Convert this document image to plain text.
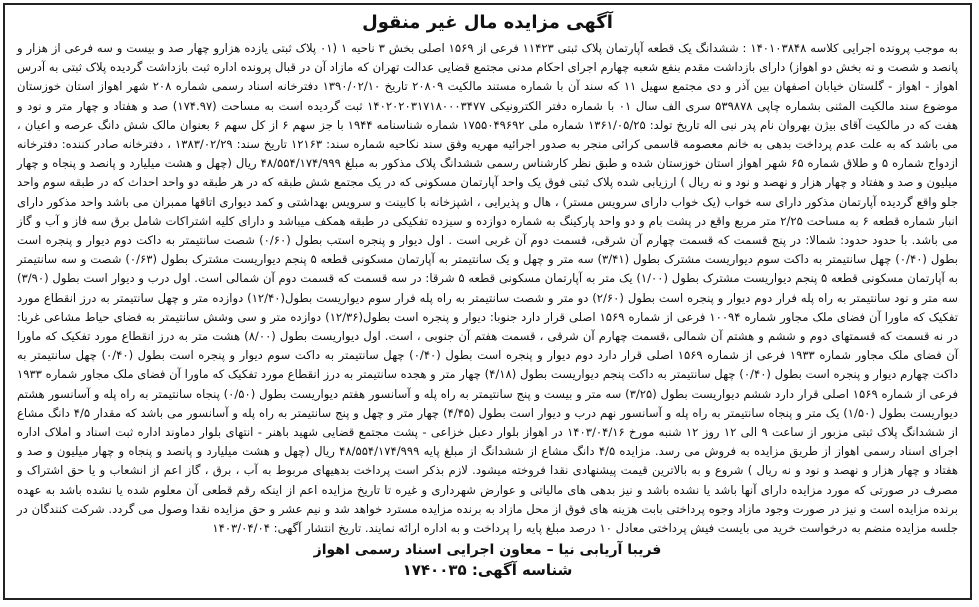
آگهی مزایده مال غیر منقول

به موجب پرونده اجرایی کلاسه ۱۴۰۱۰۳۸۴۸ : ششدانگ یک قطعه آپارتمان پلاک ثبتی ۱۱۴۲۳ فرعی از ۱۵۶۹ اصلی بخش ۳ ناحیه ۱ (۰۱ پلاک ثبتی یازده هزارو چهار صد و بیست و سه فرعی از هزار و پانصد و شصت و نه بخش دو اهواز) دارای بازداشت مقدم بنفع شعبه چهارم اجرای احکام مدنی مجتمع قضایی عدالت تهران که مازاد آن در قبال پرونده اداره ثبت بازداشت گردیده پلاک ثبتی به آدرس اهواز - اهواز - گلستان خیابان اصفهان بین آذر و دی مجتمع سهیل ۱۱ که سند آن با شماره مستند مالکیت ۲۰۸۰۹ تاریخ ۱۳۹۰/۰۲/۱۰ دفترخانه اسناد رسمی شماره ۲۰۸ شهر اهواز استان خوزستان موضوع سند مالکیت المثنی بشماره چاپی ۵۳۹۸۷۸ سری الف سال ۰۱ با شماره دفتر الکترونیکی ۱۴۰۲۰۲۰۳۱۷۱۸۰۰۰۳۴۷۷ ثبت گردیده است به مساحت (۱۷۴.۹۷) صد و هفتاد و چهار متر و نود و هفت که در مالکیت آقای بیژن بهروان نام پدر نبی اله تاریخ تولد: ۱۳۶۱/۰۵/۲۵ شماره ملی ۱۷۵۵۰۴۹۶۹۲ شماره شناسنامه ۱۹۴۴ با جز سهم ۶ از کل سهم ۶ بعنوان مالک شش دانگ عرصه و اعیان ، می باشد که به علت عدم پرداخت بدهی به خانم معصومه قاسمی کرائی منجر به صدور اجرائیه مهریه وفق سند نکاحیه شماره سند: ۱۲۱۶۳ تاریخ سند: ۱۳۸۳/۰۲/۲۹ ، دفترخانه صادر کننده: دفترخانه ازدواج شماره ۵ و طلاق شماره ۶۵ شهر اهواز استان خوزستان شده و طبق نظر کارشناس رسمی ششدانگ پلاک مذکور به مبلغ ۴۸/۵۵۴/۱۷۴/۹۹۹ ریال (چهل و هشت میلیارد و پانصد و پنجاه و چهار میلیون و صد و هفتاد و چهار هزار و نهصد و نود و نه ریال ) ارزیابی شده پلاک ثبتی فوق یک واحد آپارتمان مسکونی که در یک مجتمع شش طبقه که در هر طبقه دو واحد احداث که در طبقه سوم واحد جلو واقع گردیده آپارتمان مذکور دارای سه خواب (یک خواب دارای سرویس مستر) ، هال و پذیرایی ، اشپزخانه با کابینت و سرویس بهداشتی و کمد دیواری اتاقها ممبران می باشد واحد مذکور دارای انبار شماره قطعه ۶ به مساحت ۲/۲۵ متر مربع واقع در پشت بام و دو واحد پارکینگ به شماره دوازده و سیزده تفکیکی در طبقه همکف میباشد و دارای کلیه اشتراکات شامل برق سه فاز و آب و گاز می باشد. با حدود حدود: شمالا: در پنج قسمت که قسمت چهارم آن شرقی، قسمت دوم آن غربی است . اول دیوار و پنجره استب بطول (۰/۶۰) شصت سانتیمتر به داکت دوم دیوار و پنجره است بطول (۰/۴۰) چهل سانتیمتر به داکت سوم دیواریست مشترک بطول (۳/۴۱) سه متر و چهل و یک سانتیمتر به آپارتمان مسکونی قطعه ۵ پنجم دیواریست مشترک بطول (۰/۶۳) شصت و سه سانتیمتر به آپارتمان مسکونی قطعه ۵ پنجم دیواریست مشترک بطول (۱/۰۰) یک متر به آپارتمان مسکونی قطعه ۵ شرقا: در سه قسمت که قسمت دوم آن شمالی است. اول درب و دیوار است بطول (۳/۹۰) سه متر و نود سانتیمتر به راه پله فرار دوم دیوار و پنجره است بطول (۲/۶۰) دو متر و شصت سانتیمتر به راه پله فرار سوم دیواریست بطول(۱۲/۴۰) دوازده متر و چهل سانتیمتر به درز انقطاع مورد تفکیک که ماورا آن فضای ملک مجاور شماره ۱۰۰۹۴ فرعی از شماره ۱۵۶۹ اصلی قرار دارد جنوبا: دیوار و پنجره است بطول(۱۲/۳۶) دوازده متر و سی وشش سانتیمتر به فضای حیاط مشاعی غربا: در نه قسمت که قسمتهای دوم و ششم و هشتم آن شمالی ،قسمت چهارم آن شرقی ، قسمت هفتم آن جنوبی ، است. اول دیواریست بطول (۸/۰۰) هشت متر به درز انقطاع مورد تفکیک که ماورا آن فضای ملک مجاور شماره ۱۹۳۳ فرعی از شماره ۱۵۶۹ اصلی قرار دارد دوم دیوار و پنجره است بطول (۰/۴۰) چهل سانتیمتر به داکت سوم دیوار و پنجره است بطول (۰/۴۰) چهل سانتیمتر به داکت چهارم دیوار و پنجره است بطول (۰/۴۰) چهل سانتیمتر به داکت پنجم دیواریست بطول (۴/۱۸) چهار متر و هجده سانتیمتر به درز انقطاع مورد تفکیک که ماورا آن فضای ملک مجاور شماره ۱۹۳۳ فرعی از شماره ۱۵۶۹ اصلی قرار دارد ششم دیواریست بطول (۳/۲۵) سه متر و بیست و پنج سانتیمتر به راه پله و آسانسور هفتم دیواریست بطول (۰/۵۰) پنجاه سانتیمتر به راه پله و آسانسور هشتم دیواریست بطول (۱/۵۰) یک متر و پنجاه سانتیمتر به راه پله و آسانسور نهم درب و دیوار است بطول (۴/۴۵) چهار متر و چهل و پنج سانتیمتر به راه پله و آسانسور می باشد که مقدار ۴/۵ دانگ مشاع از ششدانگ پلاک ثبتی مزبور از ساعت ۹ الی ۱۲ روز ۱۲ شنبه مورخ ۱۴۰۳/۰۴/۱۶ در اهواز بلوار دعبل خزاعی - پشت مجتمع قضایی شهید باهنر - انتهای بلوار دماوند اداره ثبت اسناد و املاک اداره اجرای اسناد رسمی اهواز از طریق مزایده به فروش می رسد. مزایده ۴/۵ دانگ مشاع از ششدانگ از مبلغ پایه ۴۸/۵۵۴/۱۷۴/۹۹۹ ریال (چهل و هشت میلیارد و پانصد و پنجاه و چهار میلیون و صد و هفتاد و چهار هزار و نهصد و نود و نه ریال ) شروع و به بالاترین قیمت پیشنهادی نقدا فروخته میشود. لازم بذکر است پرداخت بدهیهای مربوط به آب ، برق ، گاز اعم از انشعاب و یا حق اشتراک و مصرف در صورتی که مورد مزایده دارای آنها باشد یا نشده باشد و نیز بدهی های مالیاتی و عوارض شهرداری و غیره تا تاریخ مزایده اعم از اینکه رقم قطعی آن معلوم شده یا نشده باشد به عهده برنده مزایده است و نیز در صورت وجود مازاد وجوه پرداختی بابت هزینه های فوق از محل مازاد به برنده مزایده مسترد خواهد شد و نیم عشر و حق مزایده نقدا وصول می گردد. شرکت کنندگان در جلسه مزایده منضم به درخواست خرید می بایست فیش پرداختی معادل ۱۰ درصد مبلغ پایه را پرداخت و به اداره ارائه نمایند. تاریخ انتشار آگهی: ۱۴۰۳/۰۴/۰۴

فریبا آریابی نیا – معاون اجرایی اسناد رسمی اهواز
شناسه آگهی: ۱۷۴۰۰۳۵
